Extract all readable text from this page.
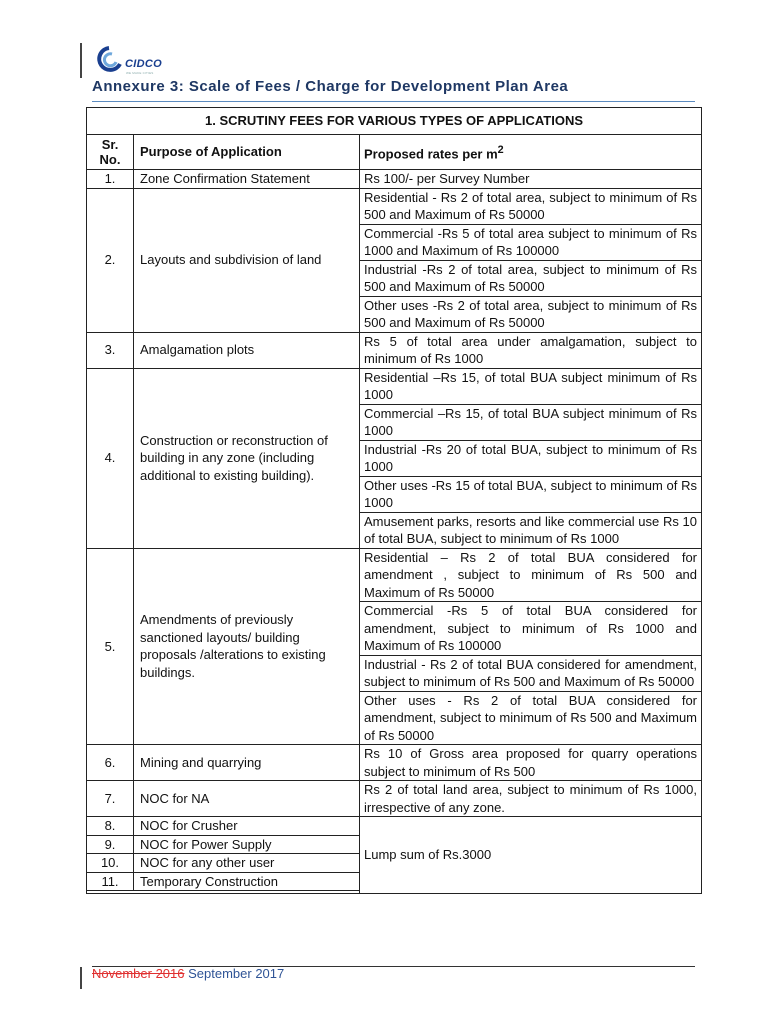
CIDCO
WE MAKE CITIES
Annexure 3: Scale of Fees / Charge for Development Plan Area
1. SCRUTINY FEES FOR VARIOUS TYPES OF APPLICATIONS		
Sr. No.	Purpose of Application	Proposed rates per $m^2$
1.	Zone Confirmation Statement	Rs 100/- per Survey Number
2.	Layouts and subdivision of land	Residential - Rs 2 of total area, subject to minimum of Rs 500 and Maximum of Rs 50000
		Commercial -Rs 5 of total area subject to minimum of Rs 1000 and Maximum of Rs 100000
		Industrial -Rs 2 of total area, subject to minimum of Rs 500 and Maximum of Rs 50000
		Other uses -Rs 2 of total area, subject to minimum of Rs 500 and Maximum of Rs 50000
3.	Amalgamation plots	Rs 5 of total area under amalgamation, subject to minimum of Rs 1000
4.	Construction or reconstruction of building in any zone (including additional to existing building).	Residential –Rs 15, of total BUA subject minimum of Rs 1000
		Commercial –Rs 15, of total BUA subject minimum of Rs 1000
		Industrial -Rs 20 of total BUA, subject to minimum of Rs 1000
		Other uses -Rs 15 of total BUA, subject to minimum of Rs 1000
		Amusement parks, resorts and like commercial use Rs 10 of total BUA, subject to minimum of Rs 1000
5.	Amendments of previously sanctioned layouts/ building proposals /alterations to existing buildings.	Residential – Rs 2 of total BUA considered for amendment , subject to minimum of Rs 500 and Maximum of Rs 50000
		Commercial -Rs 5 of total BUA considered for amendment, subject to minimum of Rs 1000 and Maximum of Rs 100000
		Industrial - Rs 2 of total BUA considered for amendment, subject to minimum of Rs 500 and Maximum of Rs 50000
		Other uses - Rs 2 of total BUA considered for amendment, subject to minimum of Rs 500 and Maximum of Rs 50000
6.	Mining and quarrying	Rs 10 of Gross area proposed for quarry operations subject to minimum of Rs 500
7.	NOC for NA	Rs 2 of total land area, subject to minimum of Rs 1000, irrespective of any zone.
8.	NOC for Crusher	Lump sum of Rs.3000
9.	NOC for Power Supply	
10.	NOC for any other user	
11.	Temporary Construction	

November 2016 September 2017
